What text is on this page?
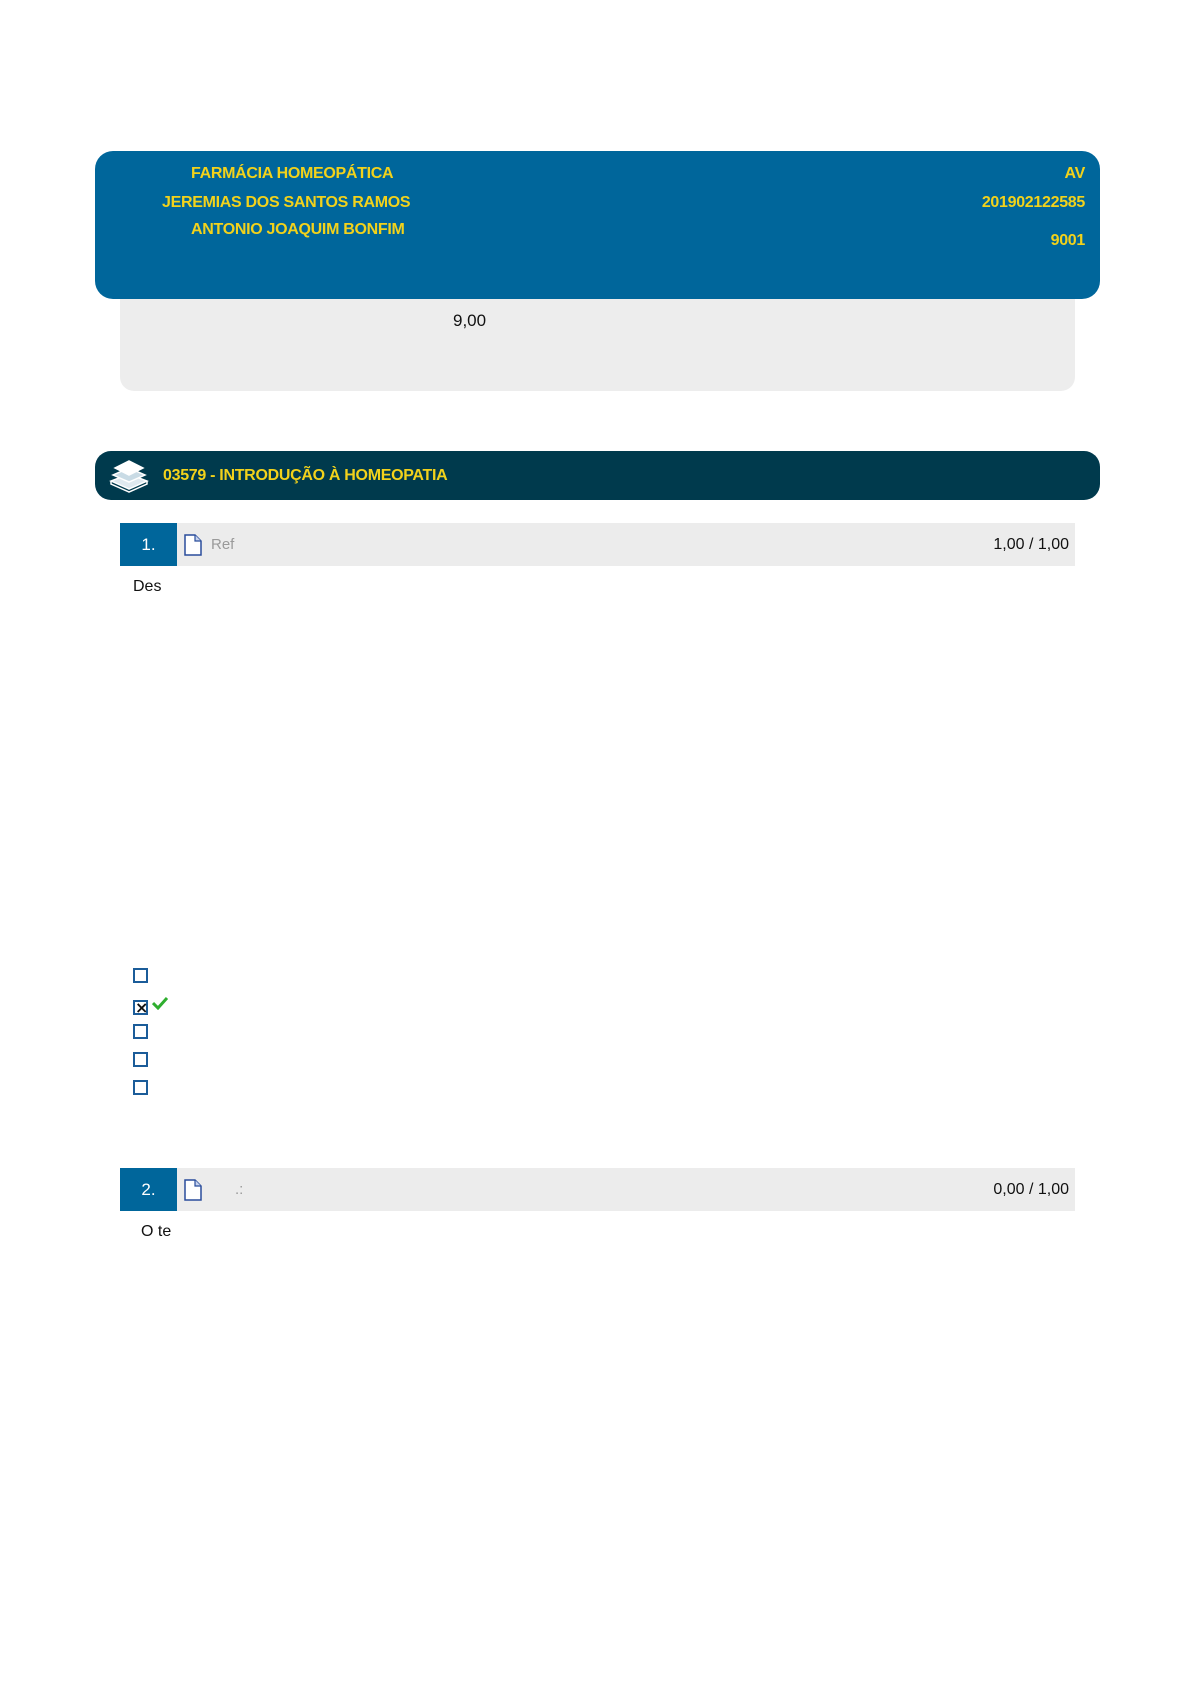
FARMÁCIA HOMEOPÁTICA
JEREMIAS DOS SANTOS RAMOS
ANTONIO JOAQUIM BONFIM
AV
201902122585
9001
9,00
03579 - INTRODUÇÃO À HOMEOPATIA
1.	Ref	1,00 / 1,00
Des
×
2.	.:	0,00 / 1,00
O te
